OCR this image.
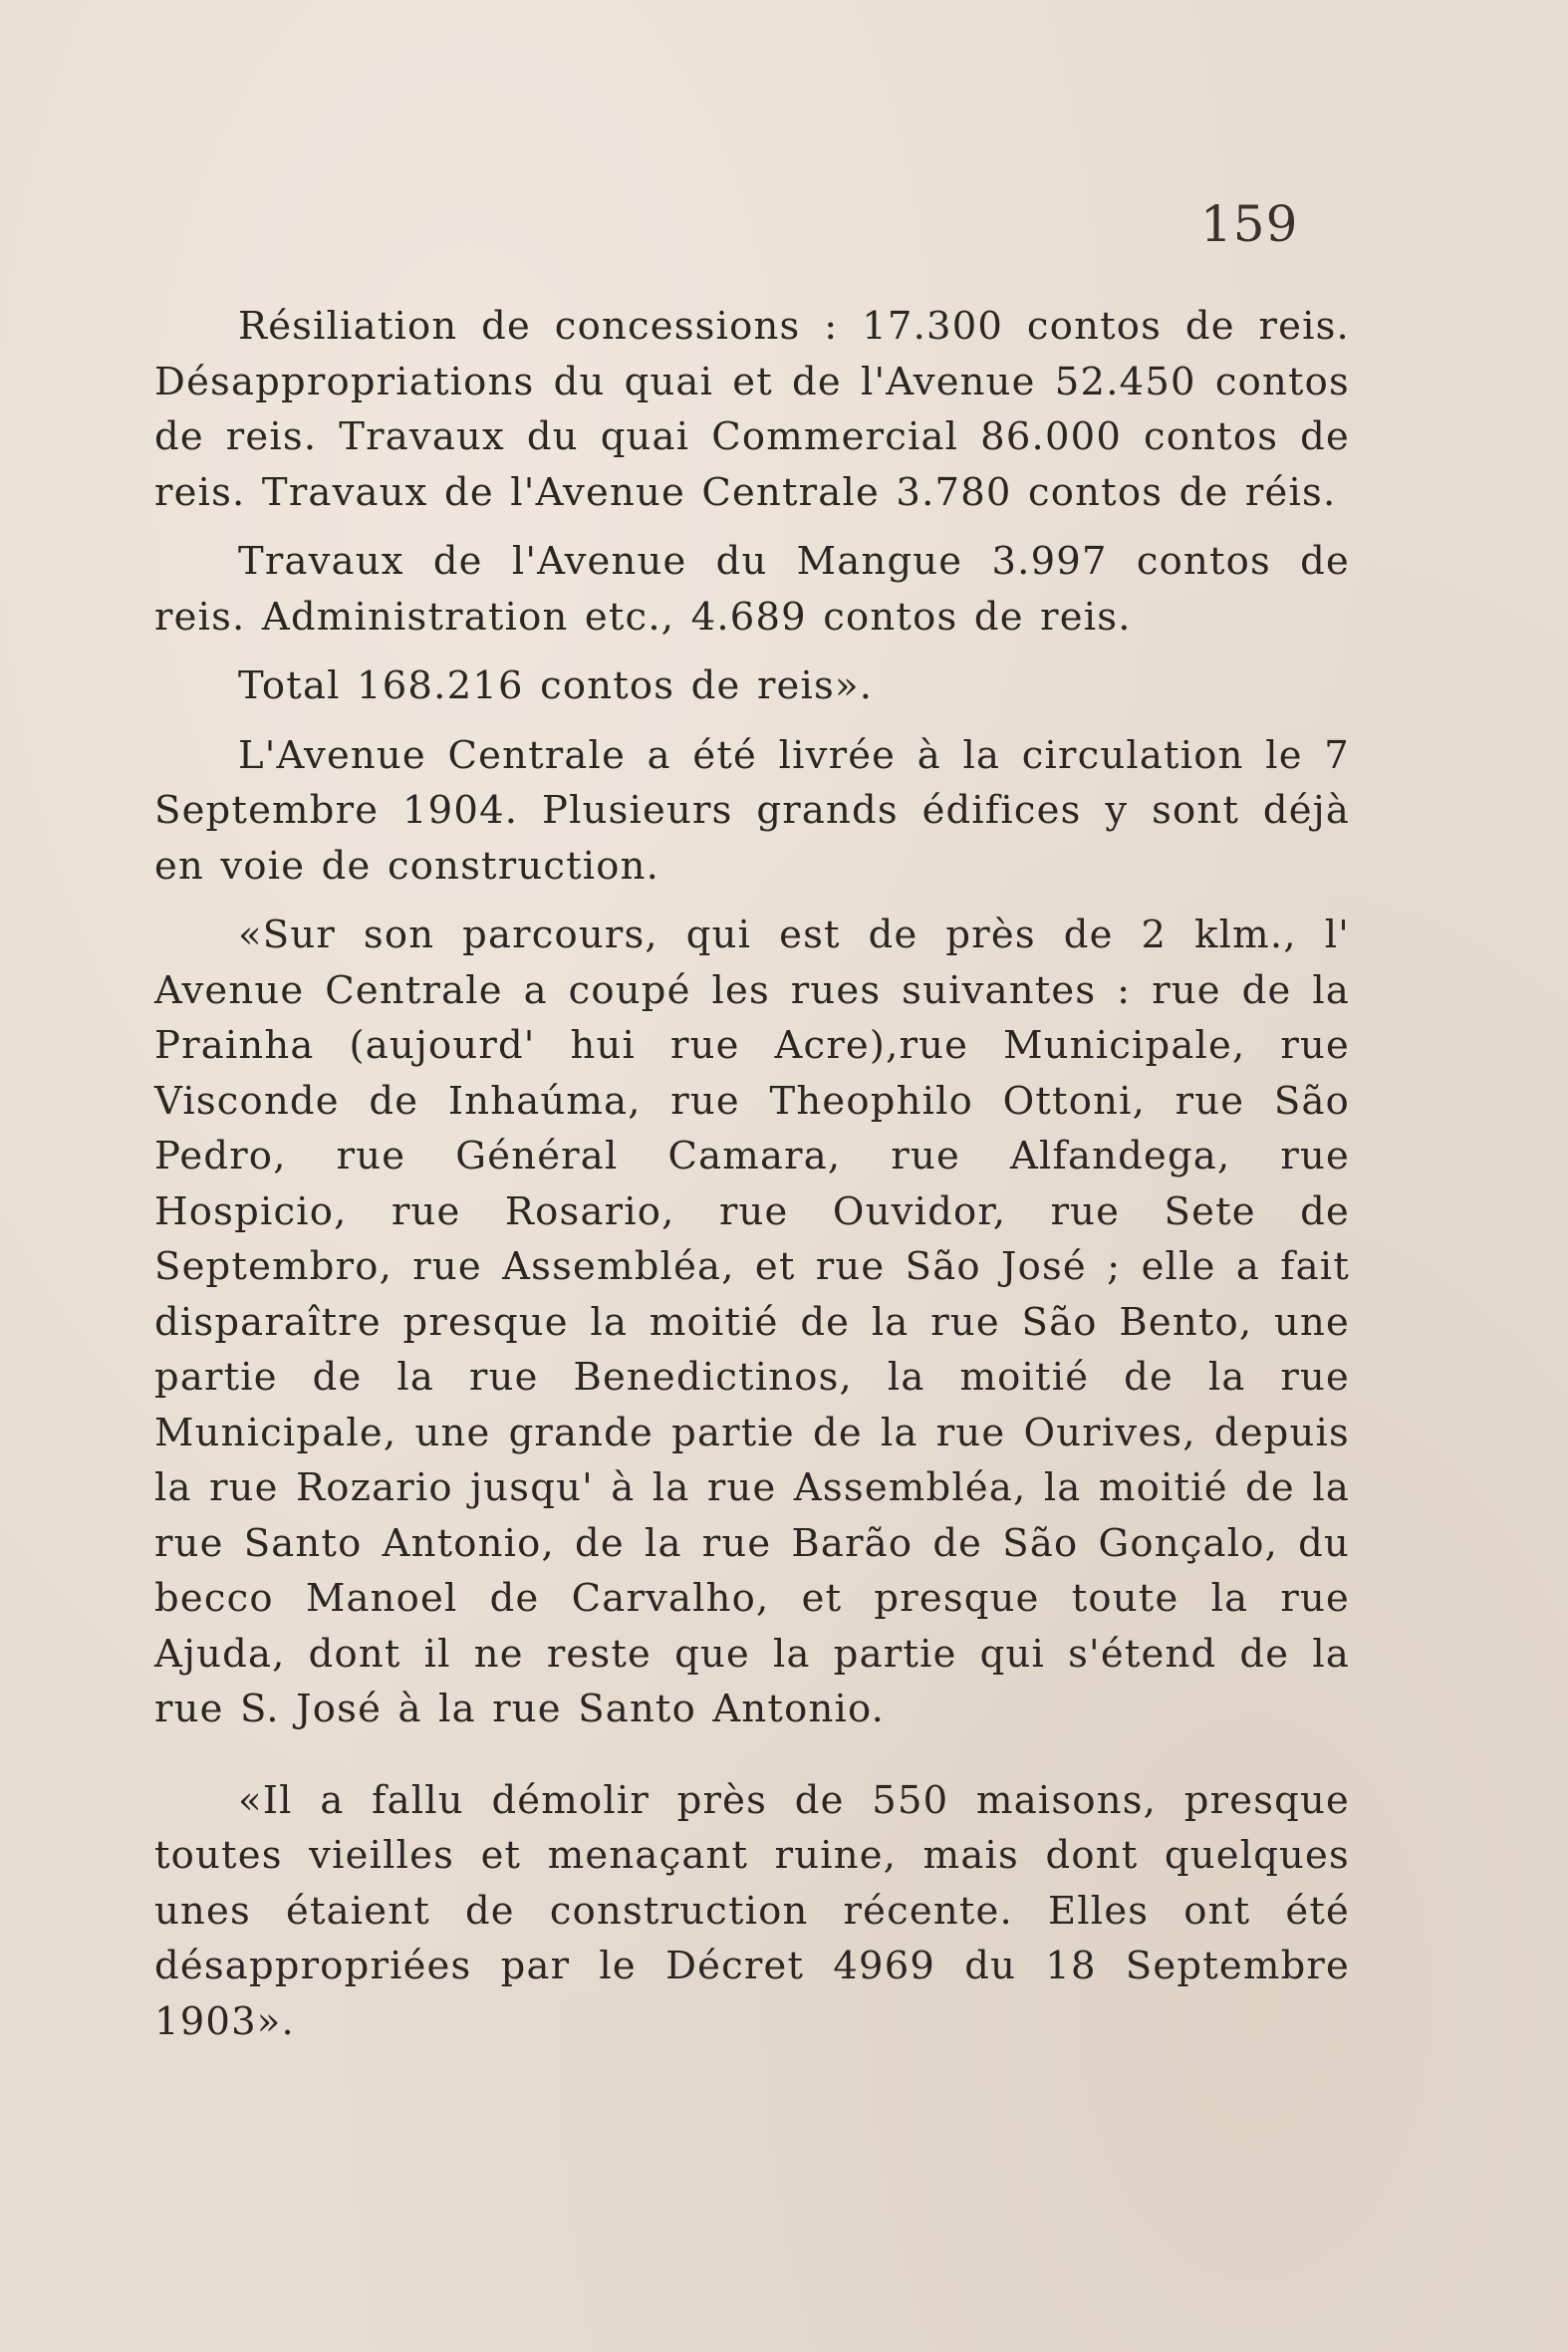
159

Résiliation de concessions : 17.300 contos de reis. Désappropriations du quai et de l'Avenue 52.450 contos de reis. Travaux du quai Commercial 86.000 contos de reis. Travaux de l'Avenue Centrale 3.780 contos de réis.

Travaux de l'Avenue du Mangue 3.997 contos de reis. Administration etc., 4.689 contos de reis.

Total 168.216 contos de reis».

L'Avenue Centrale a été livrée à la circulation le 7 Septembre 1904. Plusieurs grands édifices y sont déjà en voie de construction.

«Sur son parcours, qui est de près de 2 klm., l' Avenue Centrale a coupé les rues suivantes : rue de la Prainha (aujourd' hui rue Acre),rue Municipale, rue Visconde de Inhaúma, rue Theophilo Ottoni, rue São Pedro, rue Général Camara, rue Alfandega, rue Hospicio, rue Rosario, rue Ouvidor, rue Sete de Septembro, rue Assembléa, et rue São José ; elle a fait disparaître presque la moitié de la rue São Bento, une partie de la rue Benedictinos, la moitié de la rue Municipale, une grande partie de la rue Ourives, depuis la rue Rozario jusqu' à la rue Assembléa, la moitié de la rue Santo Antonio, de la rue Barão de São Gonçalo, du becco Manoel de Carvalho, et presque toute la rue Ajuda, dont il ne reste que la partie qui s'étend de la rue S. José à la rue Santo Antonio.

«Il a fallu démolir près de 550 maisons, presque toutes vieilles et menaçant ruine, mais dont quelques unes étaient de construction récente. Elles ont été désappropriées par le Décret 4969 du 18 Septembre 1903».
